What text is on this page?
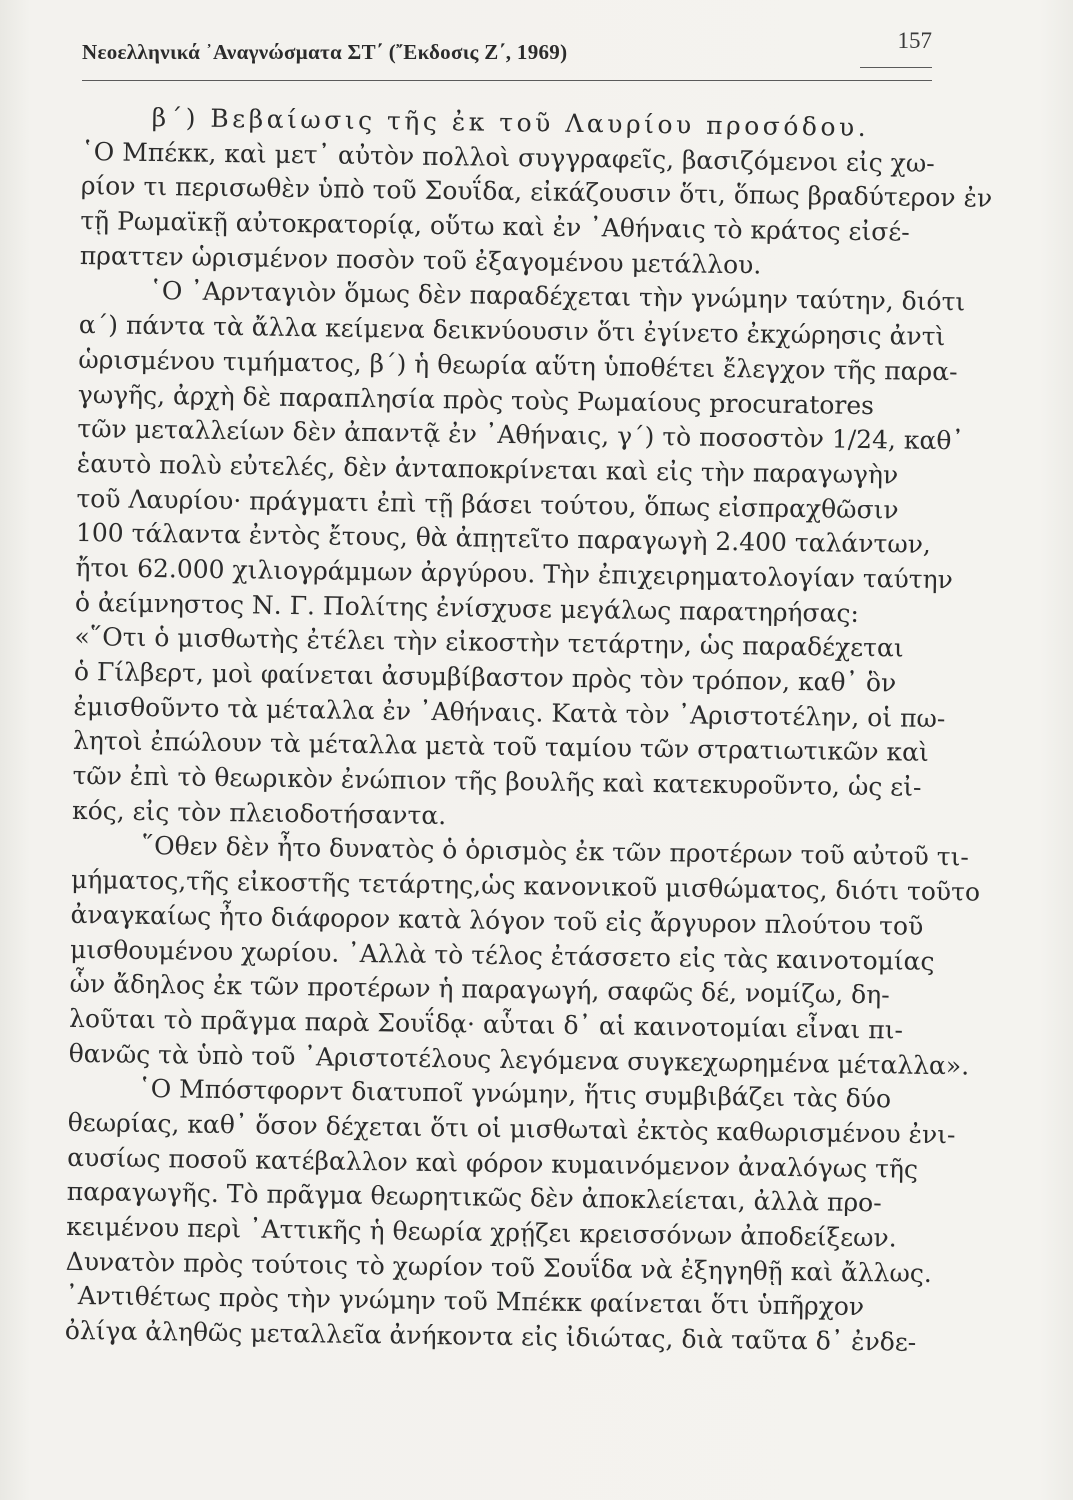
Νεοελληνικά ᾿Αναγνώσματα ΣΤ΄ (῎Εκδοσις Ζ΄, 1969)	157
β΄) Βεβαίωσις τῆς ἐκ τοῦ Λαυρίου προσόδου.
῾Ο Μπέκκ, καὶ μετ᾿ αὐτὸν πολλοὶ συγγραφεῖς, βασιζόμενοι εἰς χω-
ρίον τι περισωθὲν ὑπὸ τοῦ Σουΐδα, εἰκάζουσιν ὅτι, ὅπως βραδύτερον ἐν
τῇ Ρωμαϊκῇ αὐτοκρατορίᾳ, οὕτω καὶ ἐν ᾿Αθήναις τὸ κράτος εἰσέ-
πραττεν ὡρισμένον ποσὸν τοῦ ἐξαγομένου μετάλλου.
῾Ο ᾿Αρνταγιὸν ὅμως δὲν παραδέχεται τὴν γνώμην ταύτην, διότι
α΄) πάντα τὰ ἄλλα κείμενα δεικνύουσιν ὅτι ἐγίνετο ἐκχώρησις ἀντὶ
ὡρισμένου τιμήματος, β΄) ἡ θεωρία αὕτη ὑποθέτει ἔλεγχον τῆς παρα-
γωγῆς, ἀρχὴ δὲ παραπλησία πρὸς τοὺς Ρωμαίους procuratores
τῶν μεταλλείων δὲν ἀπαντᾷ ἐν ᾿Αθήναις, γ΄) τὸ ποσοστὸν 1/24, καθ᾿
ἑαυτὸ πολὺ εὐτελές, δὲν ἀνταποκρίνεται καὶ εἰς τὴν παραγωγὴν
τοῦ Λαυρίου· πράγματι ἐπὶ τῇ βάσει τούτου, ὅπως εἰσπραχθῶσιν
100 τάλαντα ἐντὸς ἔτους, θὰ ἀπῃτεῖτο παραγωγὴ 2.400 ταλάντων,
ἤτοι 62.000 χιλιογράμμων ἀργύρου. Τὴν ἐπιχειρηματολογίαν ταύτην
ὁ ἀείμνηστος Ν. Γ. Πολίτης ἐνίσχυσε μεγάλως παρατηρήσας:
«῞Οτι ὁ μισθωτὴς ἐτέλει τὴν εἰκοστὴν τετάρτην, ὡς παραδέχεται
ὁ Γίλβερτ, μοὶ φαίνεται ἀσυμβίβαστον πρὸς τὸν τρόπον, καθ᾿ ὃν
ἐμισθοῦντο τὰ μέταλλα ἐν ᾿Αθήναις. Κατὰ τὸν ᾿Αριστοτέλην, οἱ πω-
λητοὶ ἐπώλουν τὰ μέταλλα μετὰ τοῦ ταμίου τῶν στρατιωτικῶν καὶ
τῶν ἐπὶ τὸ θεωρικὸν ἐνώπιον τῆς βουλῆς καὶ κατεκυροῦντο, ὡς εἰ-
κός, εἰς τὸν πλειοδοτήσαντα.
῞Οθεν δὲν ἦτο δυνατὸς ὁ ὁρισμὸς ἐκ τῶν προτέρων τοῦ αὐτοῦ τι-
μήματος,τῆς εἰκοστῆς τετάρτης,ὡς κανονικοῦ μισθώματος, διότι τοῦτο
ἀναγκαίως ἦτο διάφορον κατὰ λόγον τοῦ εἰς ἄργυρον πλούτου τοῦ
μισθουμένου χωρίου. ᾿Αλλὰ τὸ τέλος ἐτάσσετο εἰς τὰς καινοτομίας
ὧν ἄδηλος ἐκ τῶν προτέρων ἡ παραγωγή, σαφῶς δέ, νομίζω, δη-
λοῦται τὸ πρᾶγμα παρὰ Σουΐδᾳ· αὗται δ᾿ αἱ καινοτομίαι εἶναι πι-
θανῶς τὰ ὑπὸ τοῦ ᾿Αριστοτέλους λεγόμενα συγκεχωρημένα μέταλλα».
῾Ο Μπόστφορντ διατυποῖ γνώμην, ἥτις συμβιβάζει τὰς δύο
θεωρίας, καθ᾿ ὅσον δέχεται ὅτι οἱ μισθωταὶ ἐκτὸς καθωρισμένου ἐνι-
αυσίως ποσοῦ κατέβαλλον καὶ φόρον κυμαινόμενον ἀναλόγως τῆς
παραγωγῆς. Τὸ πρᾶγμα θεωρητικῶς δὲν ἀποκλείεται, ἀλλὰ προ-
κειμένου περὶ ᾿Αττικῆς ἡ θεωρία χρῄζει κρεισσόνων ἀποδείξεων.
Δυνατὸν πρὸς τούτοις τὸ χωρίον τοῦ Σουΐδα νὰ ἐξηγηθῇ καὶ ἄλλως.
᾿Αντιθέτως πρὸς τὴν γνώμην τοῦ Μπέκκ φαίνεται ὅτι ὑπῆρχον
ὀλίγα ἀληθῶς μεταλλεῖα ἀνήκοντα εἰς ἰδιώτας, διὰ ταῦτα δ᾿ ἐνδε-
